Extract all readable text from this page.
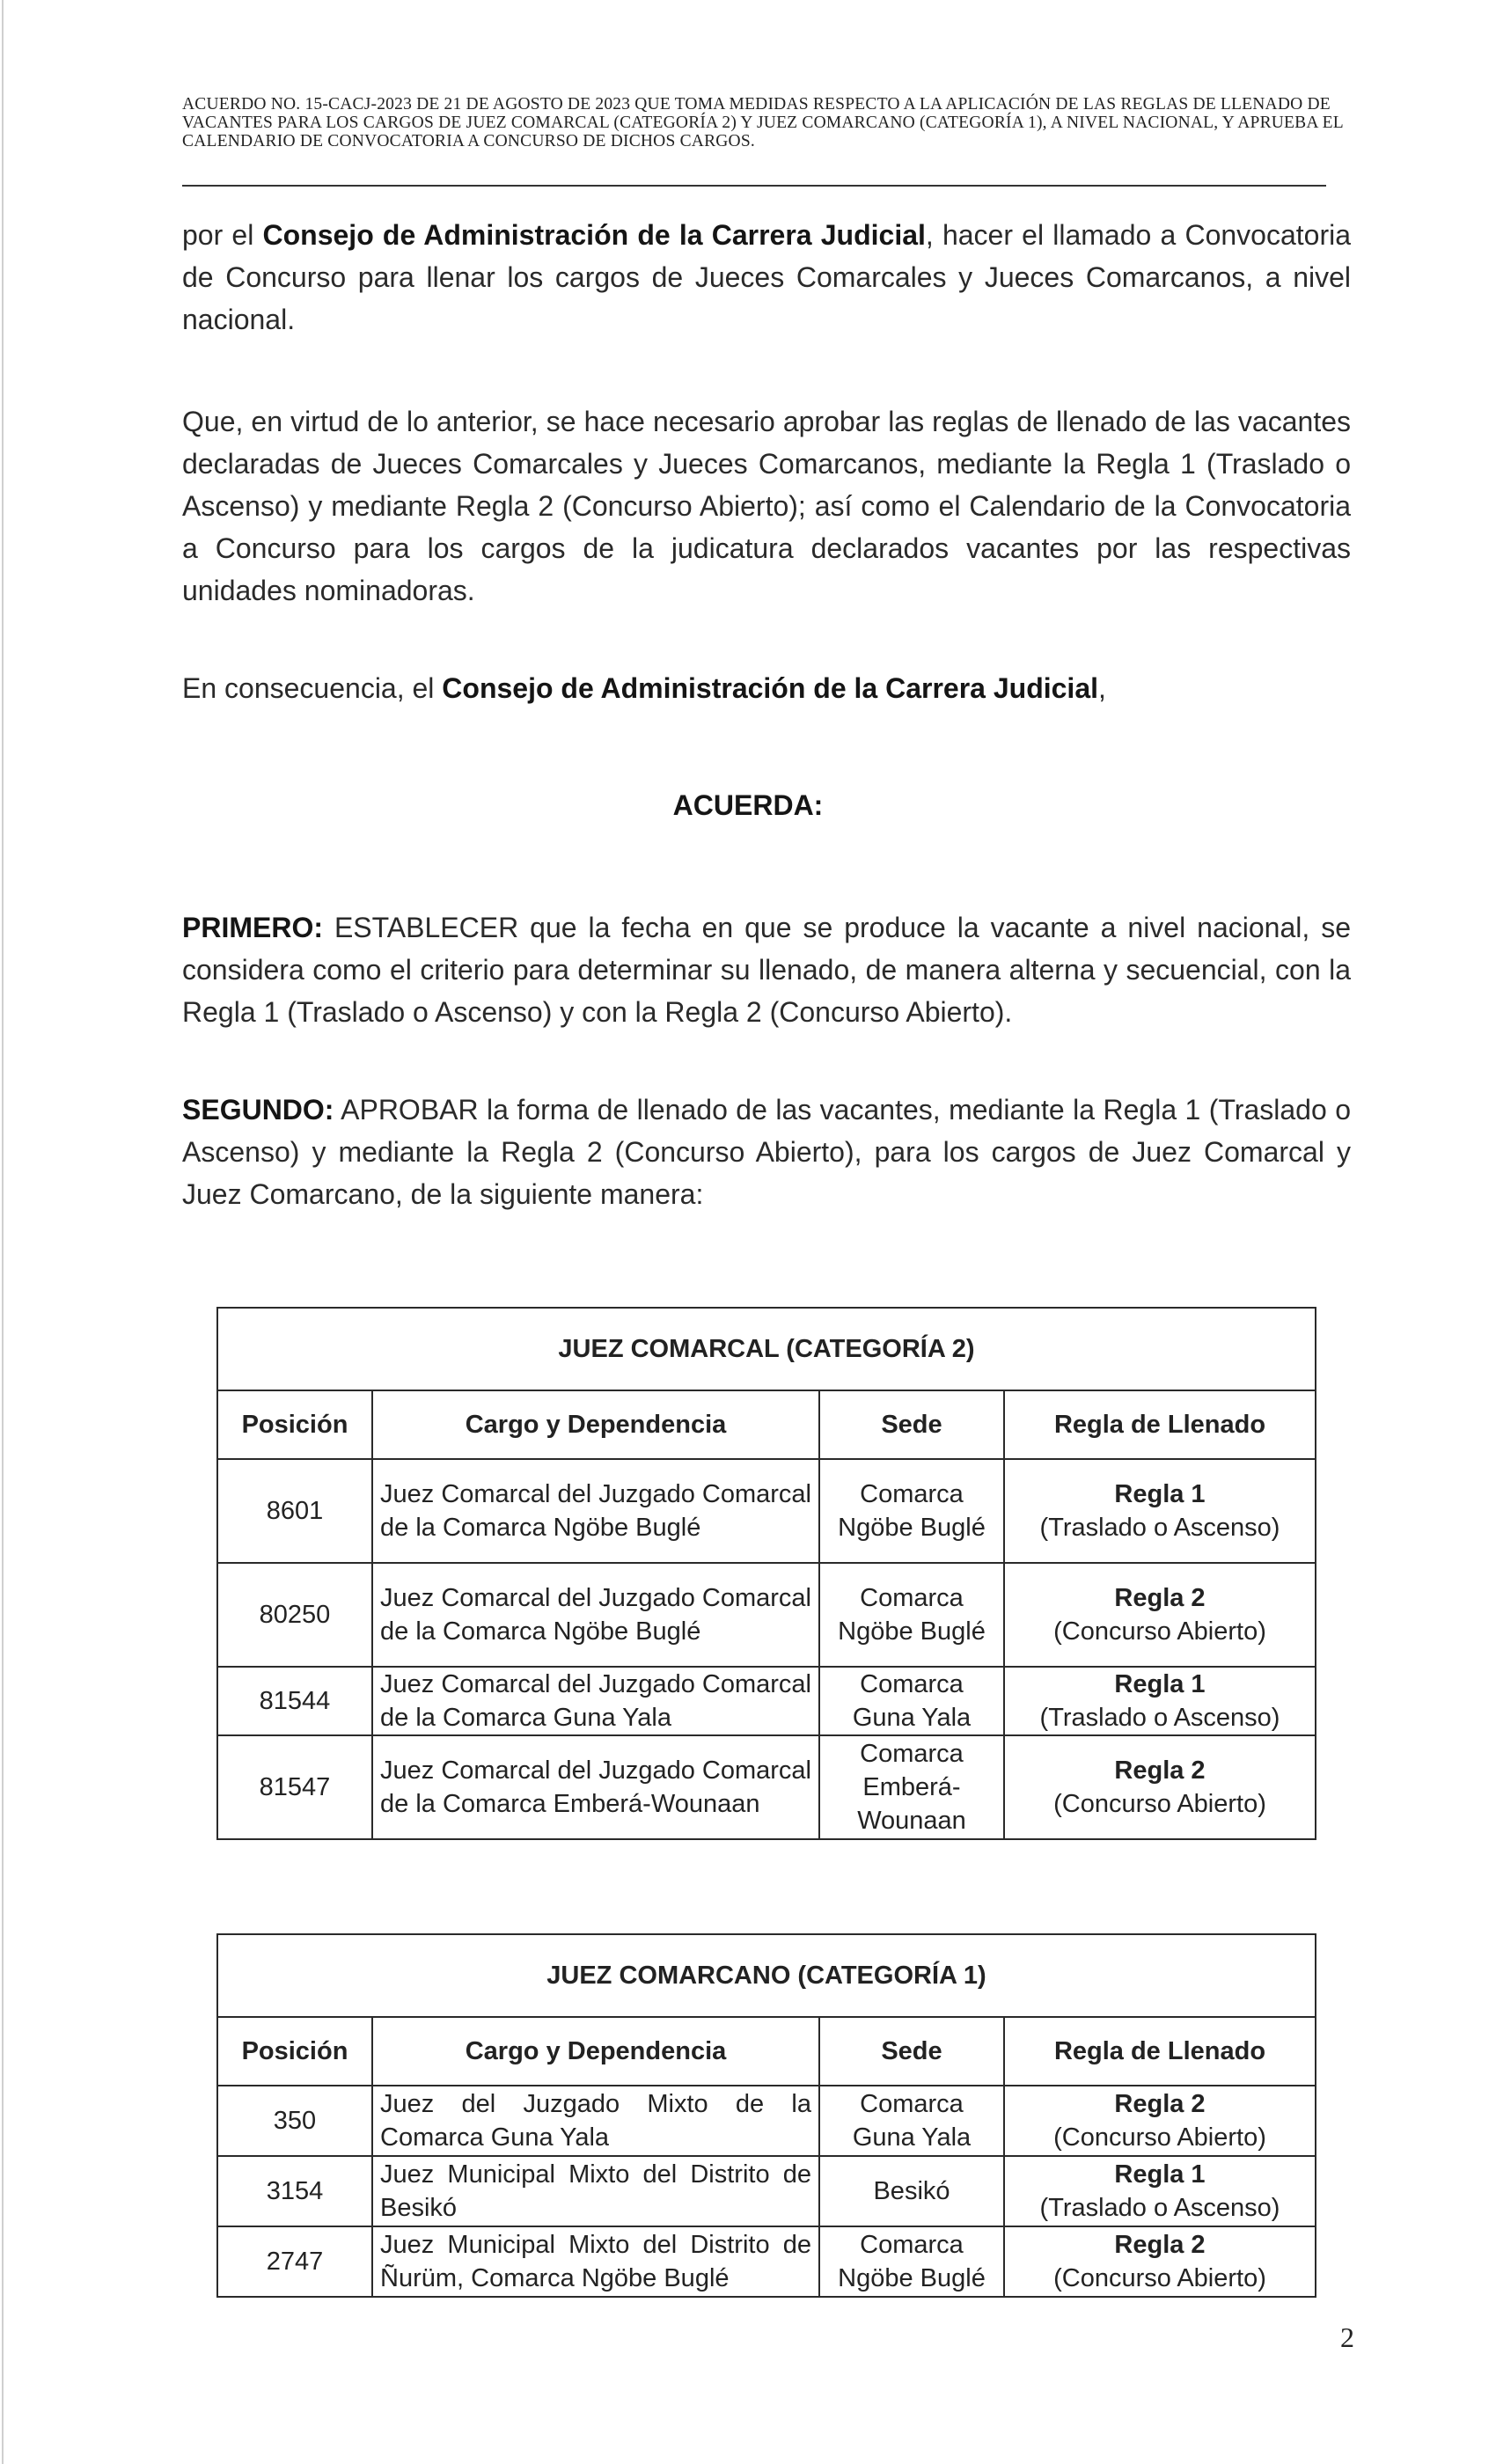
ACUERDO NO. 15-CACJ-2023 DE 21 DE AGOSTO DE 2023 QUE TOMA MEDIDAS RESPECTO A LA APLICACIÓN DE LAS REGLAS DE LLENADO DE VACANTES PARA LOS CARGOS DE JUEZ COMARCAL (CATEGORÍA 2) Y JUEZ COMARCANO (CATEGORÍA 1), A NIVEL NACIONAL, Y APRUEBA EL CALENDARIO DE CONVOCATORIA A CONCURSO DE DICHOS CARGOS.
por el Consejo de Administración de la Carrera Judicial, hacer el llamado a Convocatoria de Concurso para llenar los cargos de Jueces Comarcales y Jueces Comarcanos, a nivel nacional.
Que, en virtud de lo anterior, se hace necesario aprobar las reglas de llenado de las vacantes declaradas de Jueces Comarcales y Jueces Comarcanos, mediante la Regla 1 (Traslado o Ascenso) y mediante Regla 2 (Concurso Abierto); así como el Calendario de la Convocatoria a Concurso para los cargos de la judicatura declarados vacantes por las respectivas unidades nominadoras.
En consecuencia, el Consejo de Administración de la Carrera Judicial,
ACUERDA:
PRIMERO: ESTABLECER que la fecha en que se produce la vacante a nivel nacional, se considera como el criterio para determinar su llenado, de manera alterna y secuencial, con la Regla 1 (Traslado o Ascenso) y con la Regla 2 (Concurso Abierto).
SEGUNDO: APROBAR la forma de llenado de las vacantes, mediante la Regla 1 (Traslado o Ascenso) y mediante la Regla 2 (Concurso Abierto), para los cargos de Juez Comarcal y Juez Comarcano, de la siguiente manera:
JUEZ COMARCAL (CATEGORÍA 2)			
Posición	Cargo y Dependencia	Sede	Regla de Llenado
8601	Juez Comarcal del Juzgado Comarcal de la Comarca Ngöbe Buglé	Comarca Ngöbe Buglé	Regla 1
(Traslado o Ascenso)

80250	Juez Comarcal del Juzgado Comarcal de la Comarca Ngöbe Buglé	Comarca Ngöbe Buglé	Regla 2
(Concurso Abierto)

81544	Juez Comarcal del Juzgado Comarcal de la Comarca Guna Yala	Comarca Guna Yala	Regla 1
(Traslado o Ascenso)

81547	Juez Comarcal del Juzgado Comarcal de la Comarca Emberá-Wounaan	Comarca Emberá-Wounaan	Regla 2
(Concurso Abierto)
JUEZ COMARCANO (CATEGORÍA 1)			
Posición	Cargo y Dependencia	Sede	Regla de Llenado
350	Juez del Juzgado Mixto de la Comarca Guna Yala	Comarca Guna Yala	Regla 2
(Concurso Abierto)

3154	Juez Municipal Mixto del Distrito de Besikó	Besikó	Regla 1
(Traslado o Ascenso)

2747	Juez Municipal Mixto del Distrito de Ñurüm, Comarca Ngöbe Buglé	Comarca Ngöbe Buglé	Regla 2
(Concurso Abierto)
2
